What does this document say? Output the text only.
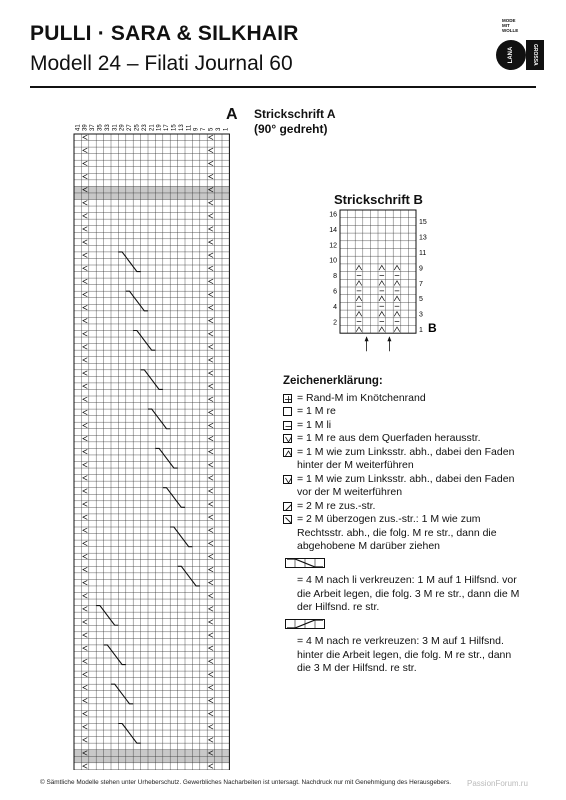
PULLI · SARA & SILKHAIR
Modell 24 – Filati Journal 60
MODE MIT WOLLE
LANA	GROSSA
41 39 37 35 33 31 29 27 25 23 21 19 17 15 13 11 9 7 5 3 1
A Strickschrift A
(90° gedreht)
Strickschrift B
16
14
12
10
8
6
4
2
15
13
11
9
7
5
3
1 B
Zeichenerklärung:
= Rand-M im Knötchenrand
= 1 M re
= 1 M li
= 1 M re aus dem Querfaden herausstr.
= 1 M wie zum Linksstr. abh., dabei den Faden hinter der M weiterführen
= 1 M wie zum Linksstr. abh., dabei den Faden vor der M weiterführen
= 2 M re zus.-str.
= 2 M überzogen zus.-str.: 1 M wie zum Rechtsstr. abh., die folg. M re str., dann die abgehobene M darüber ziehen
= 4 M nach li verkreuzen: 1 M auf 1 Hilfsnd. vor die Arbeit legen, die folg. 3 M re str., dann die M der Hilfsnd. re str.
= 4 M nach re verkreuzen: 3 M auf 1 Hilfsnd. hinter die Arbeit legen, die folg. M re str., dann die 3 M der Hilfsnd. re str.
© Sämtliche Modelle stehen unter Urheberschutz. Gewerbliches Nacharbeiten ist untersagt. Nachdruck nur mit Genehmigung des Herausgebers. PassionForum.ru
